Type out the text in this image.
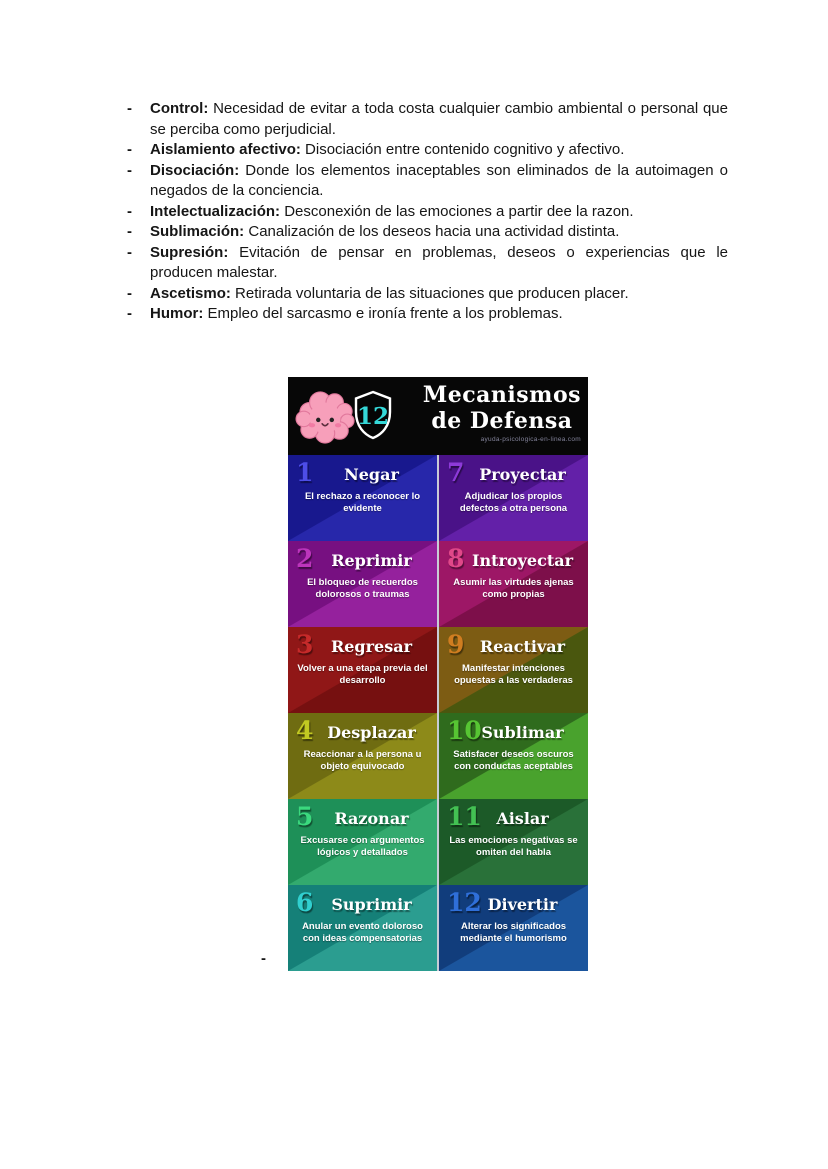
-	Control: Necesidad de evitar a toda costa cualquier cambio ambiental o personal que se perciba como perjudicial.

-	Aislamiento afectivo: Disociación entre contenido cognitivo y afectivo.

-	Disociación: Donde los elementos inaceptables son eliminados de la autoimagen o negados de la conciencia.

-	Intelectualización: Desconexión de las emociones a partir dee la razon.

-	Sublimación: Canalización de los deseos hacia una actividad distinta.

-	Supresión: Evitación de pensar en problemas, deseos o experiencias que le producen malestar.

-	Ascetismo: Retirada voluntaria de las situaciones que producen placer.

-	Humor: Empleo del sarcasmo e ironía frente a los problemas.

12
Mecanismos
de Defensa
ayuda-psicologica-en-linea.com
1	Negar
El rechazo a reconocer lo evidente
7 Proyectar
Adjudicar los propios defectos a otra persona
2	Reprimir
El bloqueo de recuerdos dolorosos o traumas
8 Introyectar
Asumir las virtudes ajenas como propias
3	Regresar
Volver a una etapa previa del desarrollo
9 Reactivar
Manifestar intenciones opuestas a las verdaderas
4 Desplazar
Reaccionar a la persona u objeto equivocado
10 Sublimar
Satisfacer deseos oscuros con conductas aceptables
5	Razonar
Excusarse con argumentos lógicos y detallados
11 Aislar
Las emociones negativas se omiten del habla
6	Suprimir
Anular un evento doloroso con ideas compensatorias
12 Divertir
Alterar los significados mediante el humorismo
-
